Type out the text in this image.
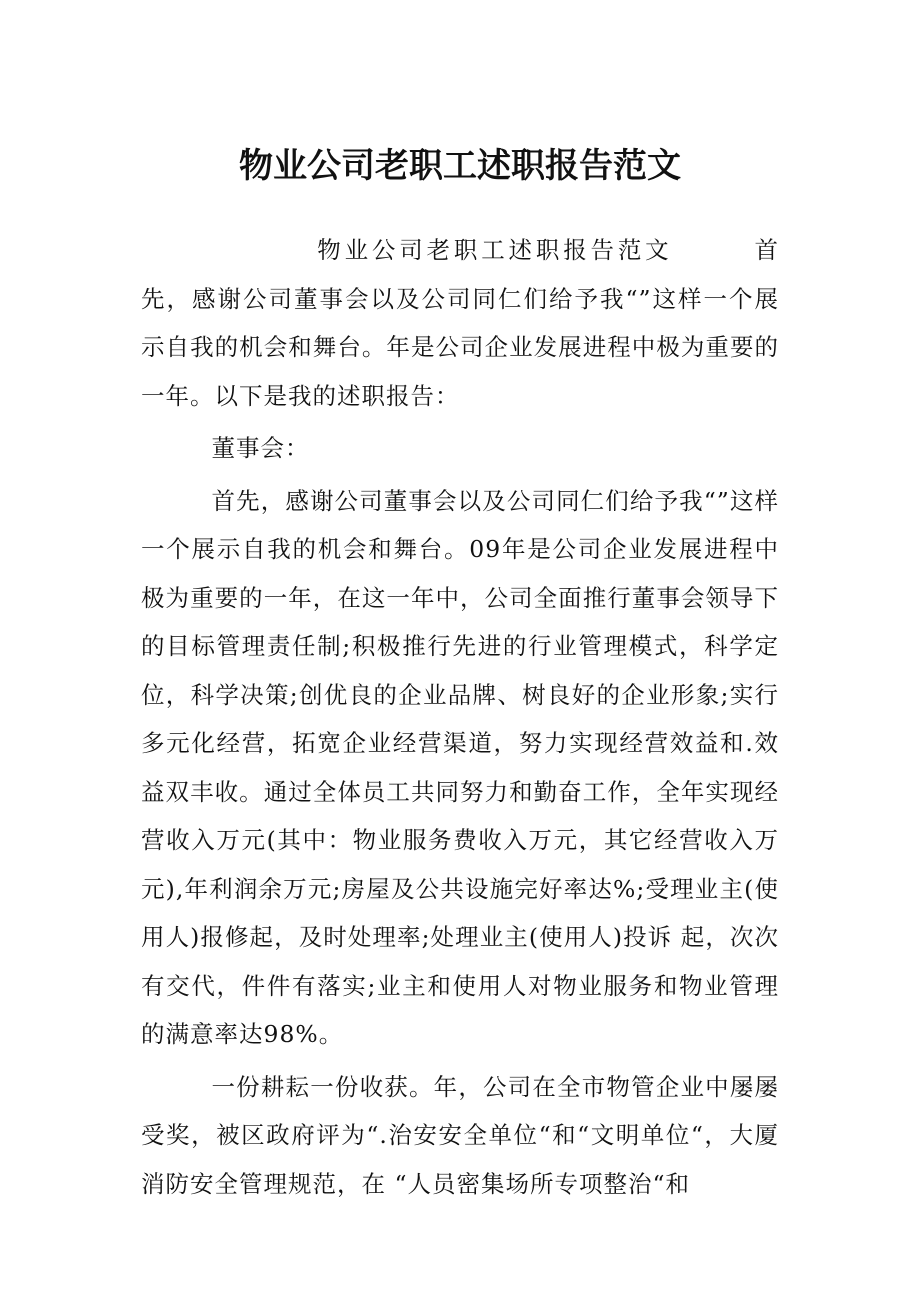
物业公司老职工述职报告范文

物业公司老职工述职报告范文　　　首先，感谢公司董事会以及公司同仁们给予我“”这样一个展示自我的机会和舞台。年是公司企业发展进程中极为重要的一年。以下是我的述职报告：

董事会：

首先，感谢公司董事会以及公司同仁们给予我“”这样一个展示自我的机会和舞台。09年是公司企业发展进程中极为重要的一年，在这一年中，公司全面推行董事会领导下的目标管理责任制;积极推行先进的行业管理模式，科学定位，科学决策;创优良的企业品牌、树良好的企业形象;实行多元化经营，拓宽企业经营渠道，努力实现经营效益和.效益双丰收。通过全体员工共同努力和勤奋工作，全年实现经营收入万元(其中：物业服务费收入万元，其它经营收入万元),年利润余万元;房屋及公共设施完好率达%;受理业主(使用人)报修起，及时处理率;处理业主(使用人)投诉 起，次次有交代，件件有落实;业主和使用人对物业服务和物业管理的满意率达98%。

一份耕耘一份收获。年，公司在全市物管企业中屡屡受奖，被区政府评为“.治安安全单位“和“文明单位“，大厦消防安全管理规范，在 “人员密集场所专项整治“和
